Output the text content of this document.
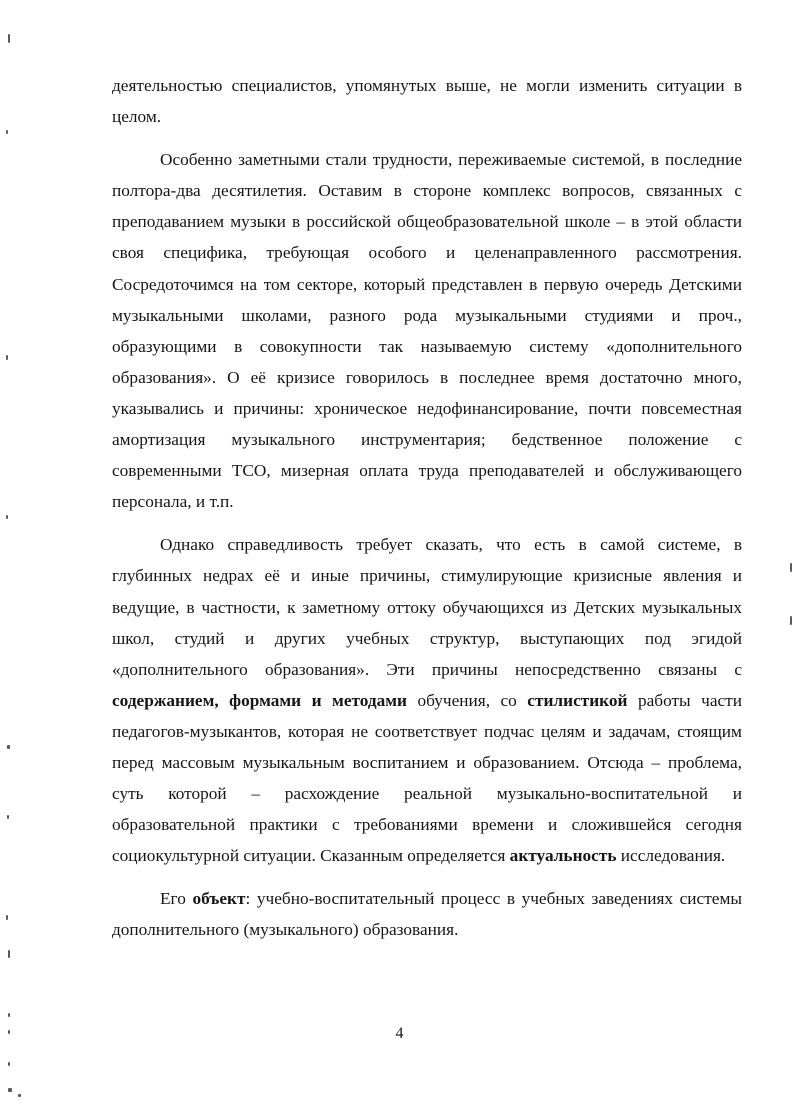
деятельностью специалистов, упомянутых выше, не могли изменить ситуации в целом.

Особенно заметными стали трудности, переживаемые системой, в последние полтора-два десятилетия. Оставим в стороне комплекс вопросов, связанных с преподаванием музыки в российской общеобразовательной школе – в этой области своя специфика, требующая особого и целенаправленного рассмотрения. Сосредоточимся на том секторе, который представлен в первую очередь Детскими музыкальными школами, разного рода музыкальными студиями и проч., образующими в совокупности так называемую систему «дополнительного образования». О её кризисе говорилось в последнее время достаточно много, указывались и причины: хроническое недофинансирование, почти повсеместная амортизация музыкального инструментария; бедственное положение с современными ТСО, мизерная оплата труда преподавателей и обслуживающего персонала, и т.п.

Однако справедливость требует сказать, что есть в самой системе, в глубинных недрах её и иные причины, стимулирующие кризисные явления и ведущие, в частности, к заметному оттоку обучающихся из Детских музыкальных школ, студий и других учебных структур, выступающих под эгидой «дополнительного образования». Эти причины непосредственно связаны с содержанием, формами и методами обучения, со стилистикой работы части педагогов-музыкантов, которая не соответствует подчас целям и задачам, стоящим перед массовым музыкальным воспитанием и образованием. Отсюда – проблема, суть которой – расхождение реальной музыкально-воспитательной и образовательной практики с требованиями времени и сложившейся сегодня социокультурной ситуации. Сказанным определяется актуальность исследования.

Его объект: учебно-воспитательный процесс в учебных заведениях системы дополнительного (музыкального) образования.

4
